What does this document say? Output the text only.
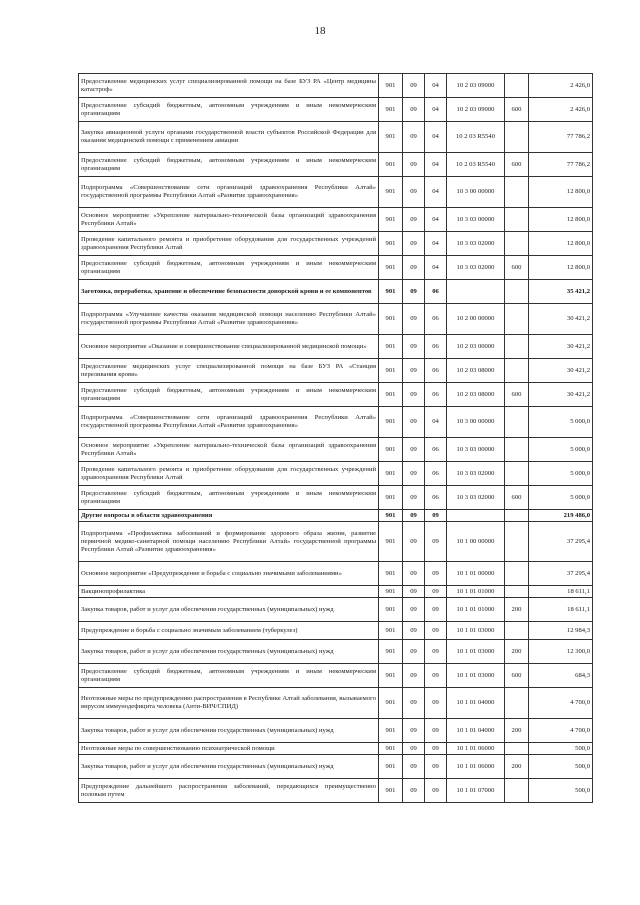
18
Предоставление медицинских услуг специализированной помощи на базе БУЗ РА «Центр медицины катастроф»	901	09	04	10 2 03 09000		2 426,0
Предоставление субсидий бюджетным, автономным учреждениям и иным некоммерческим организациям	901	09	04	10 2 03 09000	600	2 426,0
Закупка авиационной услуги органами государственной власти субъектов Российской Федерации для оказания медицинской помощи с применением авиации	901	09	04	10 2 03 R5540		77 786,2
Предоставление субсидий бюджетным, автономным учреждениям и иным некоммерческим организациям	901	09	04	10 2 03 R5540	600	77 786,2
Подпрограмма «Совершенствование сети организаций здравоохранения Республики Алтай» государственной программы Республики Алтай «Развитие здравоохранения»	901	09	04	10 3 00 00000		12 800,0
Основное мероприятие «Укрепление материально-технической базы организаций здравоохранения Республики Алтай»	901	09	04	10 3 03 00000		12 800,0
Проведение капитального ремонта и приобретение оборудования для государственных учреждений здравоохранения Республики Алтай	901	09	04	10 3 03 02000		12 800,0
Предоставление субсидий бюджетным, автономным учреждениям и иным некоммерческим организациям	901	09	04	10 3 03 02000	600	12 800,0
Заготовка, переработка, хранение и обеспечение безопасности донорской крови и ее компонентов	901	09	06			35 421,2
Подпрограмма «Улучшение качества оказания медицинской помощи населению Республики Алтай» государственной программы Республики Алтай «Развитие здравоохранения»	901	09	06	10 2 00 00000		30 421,2
Основное мероприятие «Оказание и совершенствование специализированной медицинской помощи»	901	09	06	10 2 03 00000		30 421,2
Предоставление медицинских услуг специализированной помощи на базе БУЗ РА «Станция переливания крови»	901	09	06	10 2 03 08000		30 421,2
Предоставление субсидий бюджетным, автономным учреждениям и иным некоммерческим организациям	901	09	06	10 2 03 08000	600	30 421,2
Подпрограмма «Совершенствование сети организаций здравоохранения Республики Алтай» государственной программы Республики Алтай «Развитие здравоохранения»	901	09	04	10 3 00 00000		5 000,0
Основное мероприятие «Укрепление материально-технической базы организаций здравоохранения Республики Алтай»	901	09	06	10 3 03 00000		5 000,0
Проведение капитального ремонта и приобретение оборудования для государственных учреждений здравоохранения Республики Алтай	901	09	06	10 3 03 02000		5 000,0
Предоставление субсидий бюджетным, автономным учреждениям и иным некоммерческим организациям	901	09	06	10 3 03 02000	600	5 000,0
Другие вопросы в области здравоохранения	901	09	09			219 486,0
Подпрограмма «Профилактика заболеваний и формирование здорового образа жизни, развитие первичной медико-санитарной помощи населению Республики Алтай» государственной программы Республики Алтай «Развитие здравоохранения»	901	09	09	10 1 00 00000		37 295,4
Основное мероприятие «Предупреждение и борьба с социально значимыми заболеваниями»	901	09	09	10 1 01 00000		37 295,4
Вакцинопрофилактика	901	09	09	10 1 01 01000		18 611,1
Закупка товаров, работ и услуг для обеспечения государственных (муниципальных) нужд	901	09	09	10 1 01 01000	200	18 611,1
Предупреждение и борьба с социально значимым заболеванием (туберкулез)	901	09	09	10 1 01 03000		12 984,3
Закупка товаров, работ и услуг для обеспечения государственных (муниципальных) нужд	901	09	09	10 1 01 03000	200	12 300,0
Предоставление субсидий бюджетным, автономным учреждениям и иным некоммерческим организациям	901	09	09	10 1 01 03000	600	684,3
Неотложные меры по предупреждению распространения в Республике Алтай заболевания, вызываемого вирусом иммунодефицита человека (Анти-ВИЧ/СПИД)	901	09	09	10 1 01 04000		4 700,0
Закупка товаров, работ и услуг для обеспечения государственных (муниципальных) нужд	901	09	09	10 1 01 04000	200	4 700,0
Неотложные меры по совершенствованию психиатрической помощи	901	09	09	10 1 01 06000		500,0
Закупка товаров, работ и услуг для обеспечения государственных (муниципальных) нужд	901	09	09	10 1 01 06000	200	500,0
Предупреждение дальнейшего распространения заболеваний, передающихся преимущественно половым путем	901	09	09	10 1 01 07000		500,0
